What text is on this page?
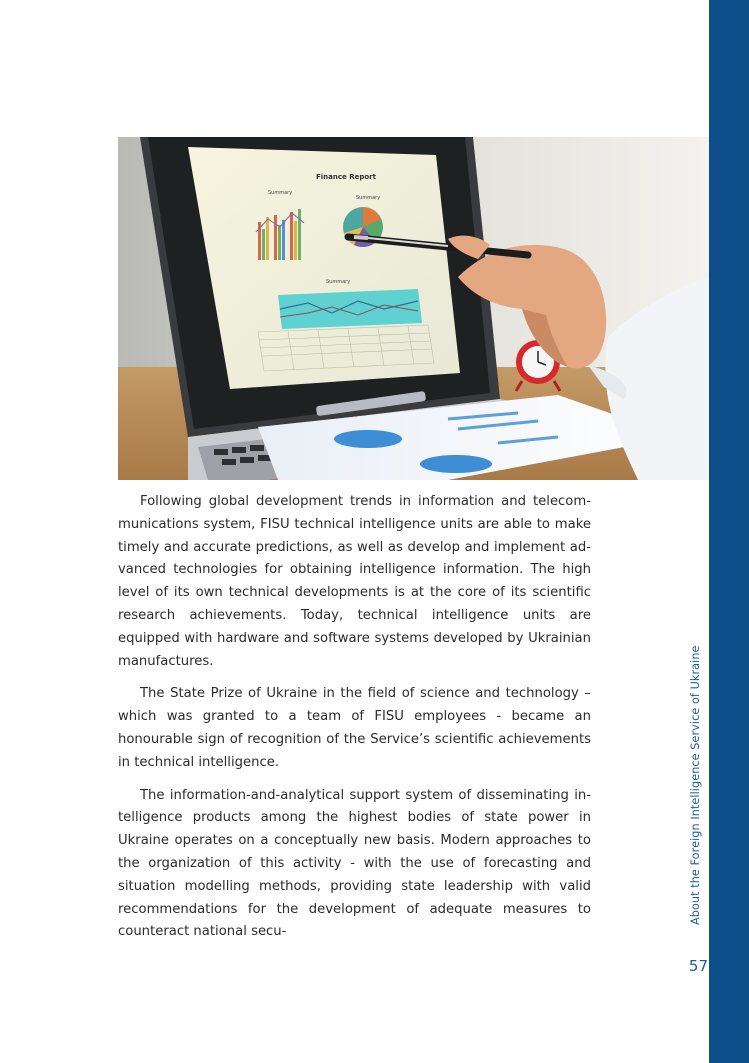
About the Foreign Intelligence Service of Ukraine
57
Finance Report
Summary
Summary
Summary

Following global development trends in information and telecommunications system, FISU technical intelligence units are able to make timely and accurate predictions, as well as develop and implement advanced technologies for obtaining intelligence information. The high level of its own technical developments is at the core of its scientific research achievements. Today, technical intelligence units are equipped with hardware and software systems developed by Ukrainian manufactures.

The State Prize of Ukraine in the field of science and technology – which was granted to a team of FISU employees - became an honourable sign of recognition of the Service’s scientific achievements in technical intelligence.

The information-and-analytical support system of disseminating intelligence products among the highest bodies of state power in Ukraine operates on a conceptually new basis. Modern approaches to the organization of this activity - with the use of forecasting and situation modelling methods, providing state leadership with valid recommendations for the development of adequate measures to counteract national secu-
